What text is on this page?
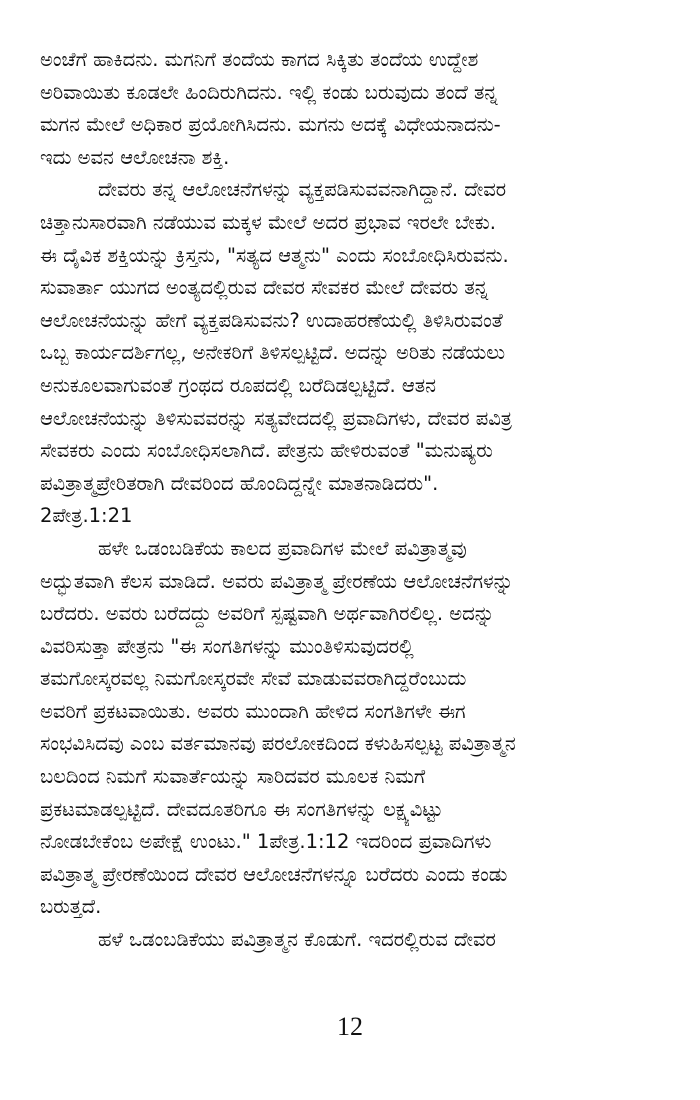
ಅಂಚೆಗೆ ಹಾಕಿದನು. ಮಗನಿಗೆ ತಂದೆಯ ಕಾಗದ ಸಿಕ್ಕಿತು ತಂದೆಯ ಉದ್ದೇಶ
ಅರಿವಾಯಿತು ಕೂಡಲೇ ಹಿಂದಿರುಗಿದನು. ಇಲ್ಲಿ ಕಂಡು ಬರುವುದು ತಂದೆ ತನ್ನ
ಮಗನ ಮೇಲೆ ಅಧಿಕಾರ ಪ್ರಯೋಗಿಸಿದನು. ಮಗನು ಅದಕ್ಕೆ ವಿಧೇಯನಾದನು-
ಇದು ಅವನ ಆಲೋಚನಾ ಶಕ್ತಿ.
ದೇವರು ತನ್ನ ಆಲೋಚನೆಗಳನ್ನು ವ್ಯಕ್ತಪಡಿಸುವವನಾಗಿದ್ದಾನೆ. ದೇವರ
ಚಿತ್ತಾನುಸಾರವಾಗಿ ನಡೆಯುವ ಮಕ್ಕಳ ಮೇಲೆ ಅದರ ಪ್ರಭಾವ ಇರಲೇ ಬೇಕು.
ಈ ದೈವಿಕ ಶಕ್ತಿಯನ್ನು ಕ್ರಿಸ್ತನು, "ಸತ್ಯದ ಆತ್ಮನು" ಎಂದು ಸಂಬೋಧಿಸಿರುವನು.
ಸುವಾರ್ತಾ ಯುಗದ ಅಂತ್ಯದಲ್ಲಿರುವ ದೇವರ ಸೇವಕರ ಮೇಲೆ ದೇವರು ತನ್ನ
ಆಲೋಚನೆಯನ್ನು ಹೇಗೆ ವ್ಯಕ್ತಪಡಿಸುವನು? ಉದಾಹರಣೆಯಲ್ಲಿ ತಿಳಿಸಿರುವಂತೆ
ಒಬ್ಬ ಕಾರ್ಯದರ್ಶಿಗಲ್ಲ, ಅನೇಕರಿಗೆ ತಿಳಿಸಲ್ಪಟ್ಟಿದೆ. ಅದನ್ನು ಅರಿತು ನಡೆಯಲು
ಅನುಕೂಲವಾಗುವಂತೆ ಗ್ರಂಥದ ರೂಪದಲ್ಲಿ ಬರೆದಿಡಲ್ಪಟ್ಟಿದೆ. ಆತನ
ಆಲೋಚನೆಯನ್ನು ತಿಳಿಸುವವರನ್ನು ಸತ್ಯವೇದದಲ್ಲಿ ಪ್ರವಾದಿಗಳು, ದೇವರ ಪವಿತ್ರ
ಸೇವಕರು ಎಂದು ಸಂಬೋಧಿಸಲಾಗಿದೆ. ಪೇತ್ರನು ಹೇಳಿರುವಂತೆ "ಮನುಷ್ಯರು
ಪವಿತ್ರಾತ್ಮಪ್ರೇರಿತರಾಗಿ ದೇವರಿಂದ ಹೊಂದಿದ್ದನ್ನೇ ಮಾತನಾಡಿದರು".
2ಪೇತ್ರ.1:21
ಹಳೇ ಒಡಂಬಡಿಕೆಯ ಕಾಲದ ಪ್ರವಾದಿಗಳ ಮೇಲೆ ಪವಿತ್ರಾತ್ಮವು
ಅದ್ಭುತವಾಗಿ ಕೆಲಸ ಮಾಡಿದೆ. ಅವರು ಪವಿತ್ರಾತ್ಮ ಪ್ರೇರಣೆಯ ಆಲೋಚನೆಗಳನ್ನು
ಬರೆದರು. ಅವರು ಬರೆದದ್ದು ಅವರಿಗೆ ಸ್ಪಷ್ಟವಾಗಿ ಅರ್ಥವಾಗಿರಲಿಲ್ಲ. ಅದನ್ನು
ವಿವರಿಸುತ್ತಾ ಪೇತ್ರನು "ಈ ಸಂಗತಿಗಳನ್ನು ಮುಂತಿಳಿಸುವುದರಲ್ಲಿ
ತಮಗೋಸ್ಕರವಲ್ಲ ನಿಮಗೋಸ್ಕರವೇ ಸೇವೆ ಮಾಡುವವರಾಗಿದ್ದರೆಂಬುದು
ಅವರಿಗೆ ಪ್ರಕಟವಾಯಿತು. ಅವರು ಮುಂದಾಗಿ ಹೇಳಿದ ಸಂಗತಿಗಳೇ ಈಗ
ಸಂಭವಿಸಿದವು ಎಂಬ ವರ್ತಮಾನವು ಪರಲೋಕದಿಂದ ಕಳುಹಿಸಲ್ಪಟ್ಟ ಪವಿತ್ರಾತ್ಮನ
ಬಲದಿಂದ ನಿಮಗೆ ಸುವಾರ್ತೆಯನ್ನು ಸಾರಿದವರ ಮೂಲಕ ನಿಮಗೆ
ಪ್ರಕಟಮಾಡಲ್ಪಟ್ಟಿದೆ. ದೇವದೂತರಿಗೂ ಈ ಸಂಗತಿಗಳನ್ನು ಲಕ್ಷ್ಯವಿಟ್ಟು
ನೋಡಬೇಕೆಂಬ ಅಪೇಕ್ಷೆ ಉಂಟು." 1ಪೇತ್ರ.1:12 ಇದರಿಂದ ಪ್ರವಾದಿಗಳು
ಪವಿತ್ರಾತ್ಮ ಪ್ರೇರಣೆಯಿಂದ ದೇವರ ಆಲೋಚನೆಗಳನ್ನೂ ಬರೆದರು ಎಂದು ಕಂಡು
ಬರುತ್ತದೆ.
ಹಳೆ ಒಡಂಬಡಿಕೆಯು ಪವಿತ್ರಾತ್ಮನ ಕೊಡುಗೆ. ಇದರಲ್ಲಿರುವ ದೇವರ
12
